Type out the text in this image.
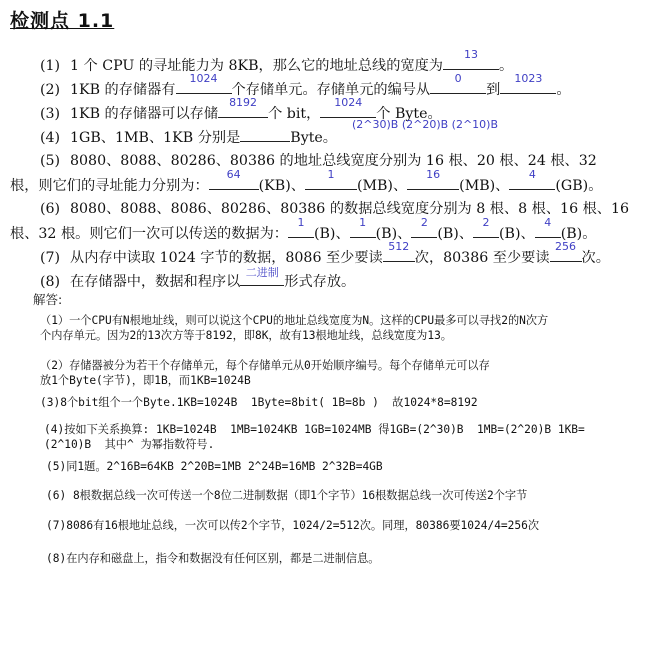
检测点 1.1
(1) 1 个 CPU 的寻址能力为 8KB，那么它的地址总线的宽度为
13
。
(2) 1KB 的存储器有
1024
个存储单元。存储单元的编号从
0
到
1023
。
(3) 1KB 的存储器可以存储
8192
个 bit，
1024
个 Byte。
(4) 1GB、1MB、1KB 分别是	Byte。
(2^30)B (2^20)B (2^10)B
(5) 8080、8088、80286、80386 的地址总线宽度分别为 16 根、20 根、24 根、32
根，则它们的寻址能力分别为：
64
(KB)、
1
(MB)、
16
(MB)、
4
(GB)。
(6) 8080、8088、8086、80286、80386 的数据总线宽度分别为 8 根、8 根、16 根、16
根、32 根。则它们一次可以传送的数据为：
1
(B)、
1
(B)、
2
(B)、
2
(B)、
4
(B)。
(7) 从内存中读取 1024 字节的数据，8086 至少要读
512
次，80386 至少要读
256
次。
(8) 在存储器中，数据和程序以
二进制
形式存放。
解答:
（1）一个CPU有N根地址线，则可以说这个CPU的地址总线宽度为N。这样的CPU最多可以寻找2的N次方
个内存单元。因为2的13次方等于8192，即8K，故有13根地址线，总线宽度为13。
（2）存储器被分为若干个存储单元，每个存储单元从0开始顺序编号。每个存储单元可以存
放1个Byte(字节)，即1B，而1KB=1024B
(3)8个bit组个一个Byte.1KB=1024B  1Byte=8bit( 1B=8b )  故1024*8=8192
(4)按如下关系换算: 1KB=1024B  1MB=1024KB 1GB=1024MB 得1GB=(2^30)B  1MB=(2^20)B 1KB=
(2^10)B  其中^ 为幂指数符号.
(5)同1题。2^16B=64KB 2^20B=1MB 2^24B=16MB 2^32B=4GB
(6) 8根数据总线一次可传送一个8位二进制数据（即1个字节）16根数据总线一次可传送2个字节
(7)8086有16根地址总线，一次可以传2个字节，1024/2=512次。同理，80386要1024/4=256次
(8)在内存和磁盘上，指令和数据没有任何区别，都是二进制信息。
